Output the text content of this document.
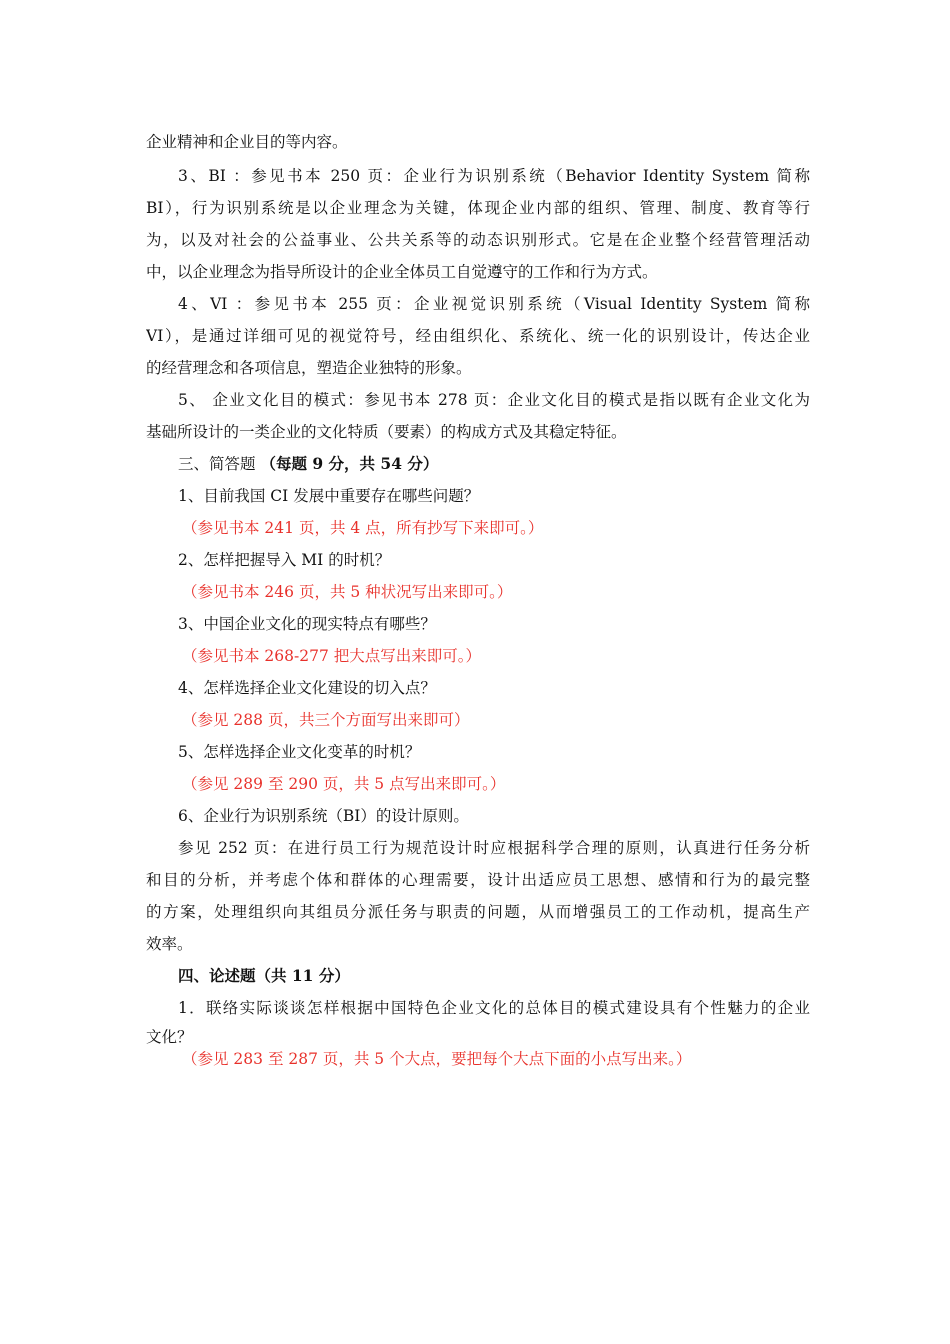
企业精神和企业目的等内容。
3、BI ：参见书本 250 页：企业行为识别系统（Behavior Identity System 简称
BI），行为识别系统是以企业理念为关键，体现企业内部的组织、管理、制度、教育等行
为，以及对社会的公益事业、公共关系等的动态识别形式。它是在企业整个经营管理活动
中，以企业理念为指导所设计的企业全体员工自觉遵守的工作和行为方式。
4、VI ：参见书本 255 页：企业视觉识别系统（Visual Identity System 简称
VI），是通过详细可见的视觉符号，经由组织化、系统化、统一化的识别设计，传达企业
的经营理念和各项信息，塑造企业独特的形象。
5、 企业文化目的模式：参见书本 278 页：企业文化目的模式是指以既有企业文化为
基础所设计的一类企业的文化特质（要素）的构成方式及其稳定特征。
三、简答题 （每题 9 分，共 54 分）
1、目前我国 CI 发展中重要存在哪些问题？
（参见书本 241 页，共 4 点，所有抄写下来即可。）
2、怎样把握导入 MI 的时机？
（参见书本 246 页，共 5 种状况写出来即可。）
3、中国企业文化的现实特点有哪些？
（参见书本 268-277 把大点写出来即可。）
4、怎样选择企业文化建设的切入点？
（参见 288 页，共三个方面写出来即可）
5、怎样选择企业文化变革的时机？
（参见 289 至 290 页，共 5 点写出来即可。）
6、企业行为识别系统（BI）的设计原则。
参见 252 页：在进行员工行为规范设计时应根据科学合理的原则，认真进行任务分析
和目的分析，并考虑个体和群体的心理需要，设计出适应员工思想、感情和行为的最完整
的方案，处理组织向其组员分派任务与职责的问题，从而增强员工的工作动机，提高生产
效率。
四、论述题（共 11 分）
1．联络实际谈谈怎样根据中国特色企业文化的总体目的模式建设具有个性魅力的企业
文化？
（参见 283 至 287 页，共 5 个大点，要把每个大点下面的小点写出来。）
